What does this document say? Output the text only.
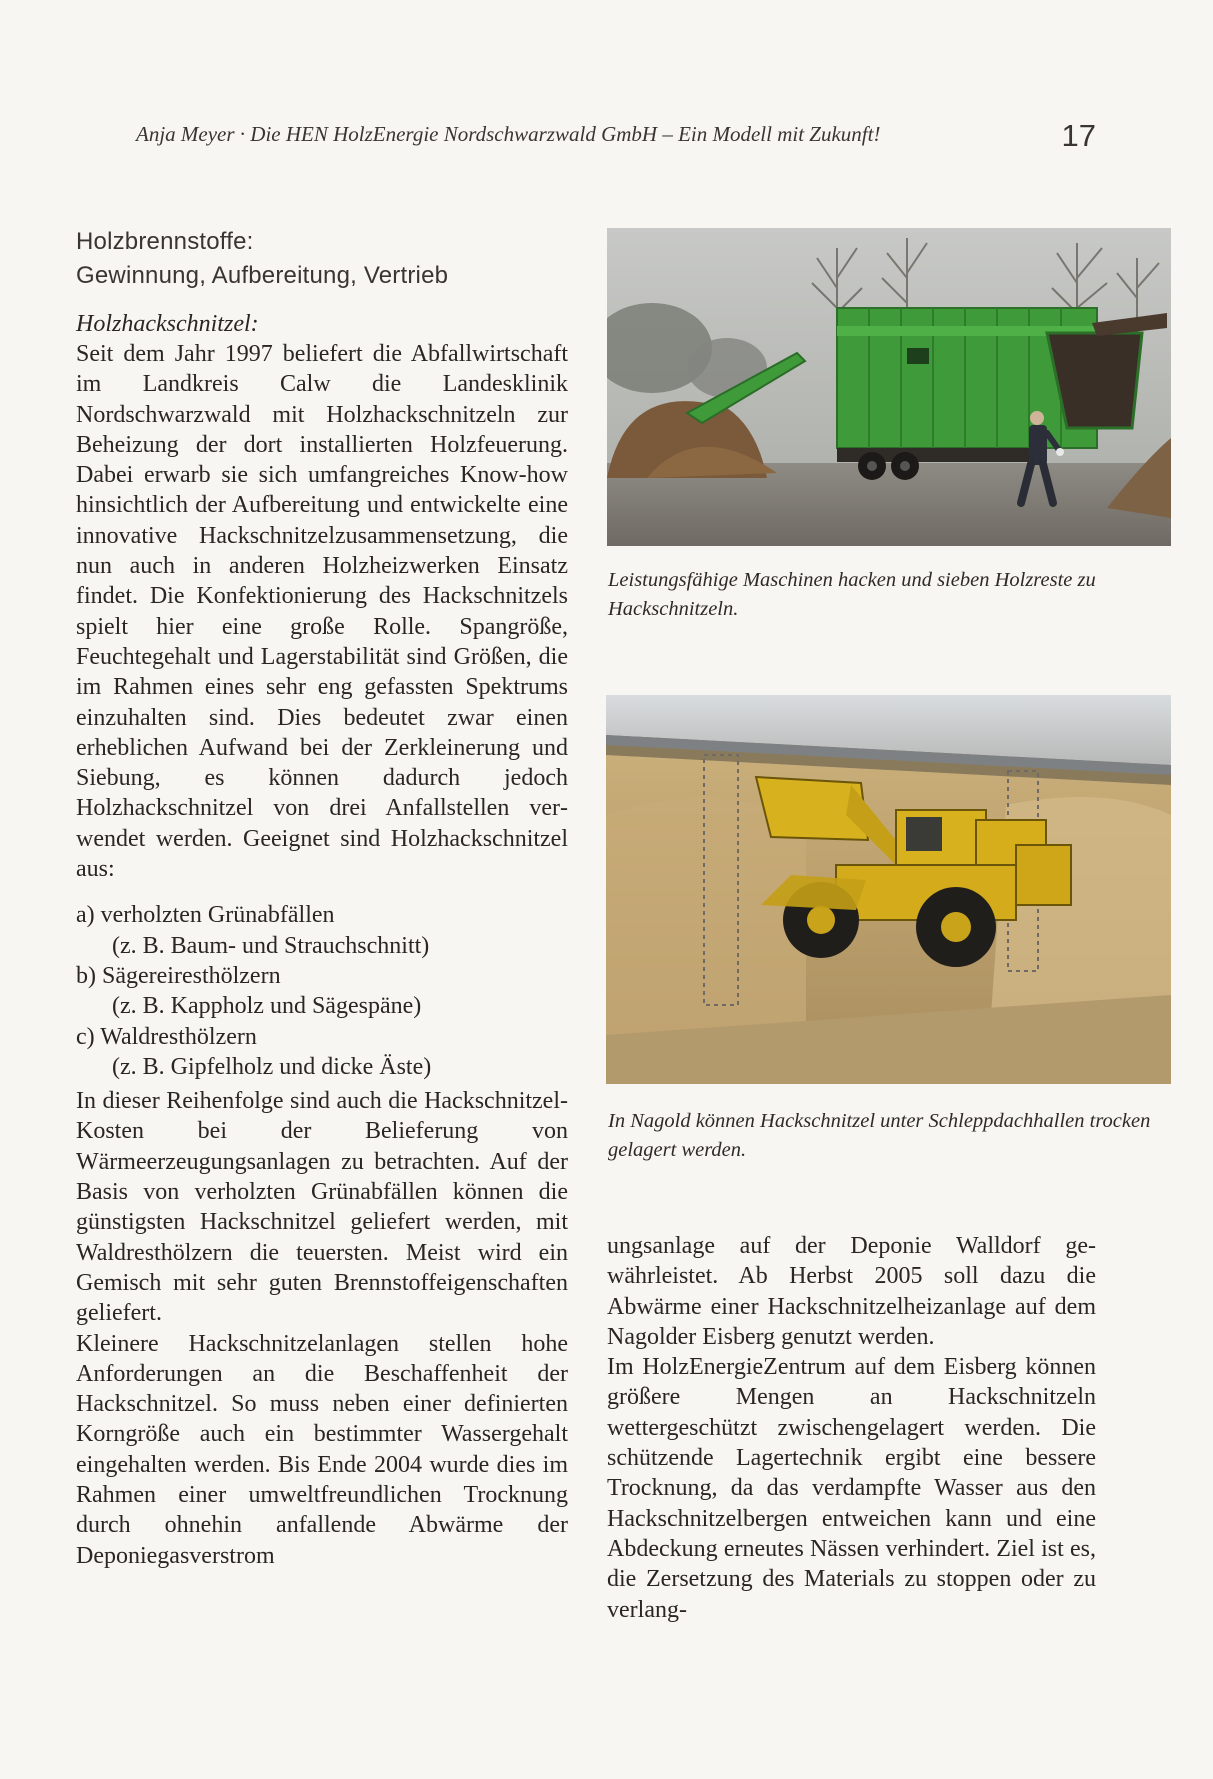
Anja Meyer · Die HEN HolzEnergie Nordschwarzwald GmbH – Ein Modell mit Zukunft!	17
Holzbrennstoffe:
Gewinnung, Aufbereitung, Vertrieb
Holzhackschnitzel:

Seit dem Jahr 1997 beliefert die Abfallwirtschaft im Landkreis Calw die Landesklinik Nordschwarzwald mit Holzhackschnitzeln zur Beheizung der dort installierten Holzfeuerung. Dabei erwarb sie sich umfangreiches Know-how hinsichtlich der Aufbereitung und entwickelte eine innovative Hackschnitzelzusammensetzung, die nun auch in anderen Holzheizwerken Einsatz findet. Die Konfektionierung des Hackschnitzels spielt hier eine große Rolle. Spangröße, Feuchtegehalt und Lagerstabilität sind Größen, die im Rahmen eines sehr eng gefassten Spektrums einzuhalten sind. Dies bedeutet zwar einen erheblichen Aufwand bei der Zerkleinerung und Siebung, es können dadurch jedoch Holzhackschnitzel von drei Anfallstellen verwendet werden. Geeignet sind Holzhackschnitzel aus:

a) verholzten Grünabfällen
(z. B. Baum- und Strauchschnitt)
b) Sägereiresthölzern
(z. B. Kappholz und Sägespäne)
c) Waldresthölzern
(z. B. Gipfelholz und dicke Äste)

In dieser Reihenfolge sind auch die Hackschnitzel-Kosten bei der Belieferung von Wärmeerzeugungsanlagen zu betrachten. Auf der Basis von verholzten Grünabfällen können die günstigsten Hackschnitzel geliefert werden, mit Waldresthölzern die teuersten. Meist wird ein Gemisch mit sehr guten Brennstoffeigenschaften geliefert.

Kleinere Hackschnitzelanlagen stellen hohe Anforderungen an die Beschaffenheit der Hackschnitzel. So muss neben einer definierten Korngröße auch ein bestimmter Wassergehalt eingehalten werden. Bis Ende 2004 wurde dies im Rahmen einer umweltfreundlichen Trocknung durch ohnehin anfallende Abwärme der Deponiegasverstrom

Leistungsfähige Maschinen hacken und sieben Holzreste zu Hackschnitzeln.
In Nagold können Hackschnitzel unter Schleppdachhallen trocken gelagert werden.

ungsanlage auf der Deponie Walldorf gewährleistet. Ab Herbst 2005 soll dazu die Abwärme einer Hackschnitzelheizanlage auf dem Nagolder Eisberg genutzt werden.

Im HolzEnergieZentrum auf dem Eisberg können größere Mengen an Hackschnitzeln wettergeschützt zwischengelagert werden. Die schützende Lagertechnik ergibt eine bessere Trocknung, da das verdampfte Wasser aus den Hackschnitzelbergen entweichen kann und eine Abdeckung erneutes Nässen verhindert. Ziel ist es, die Zersetzung des Materials zu stoppen oder zu verlang-
